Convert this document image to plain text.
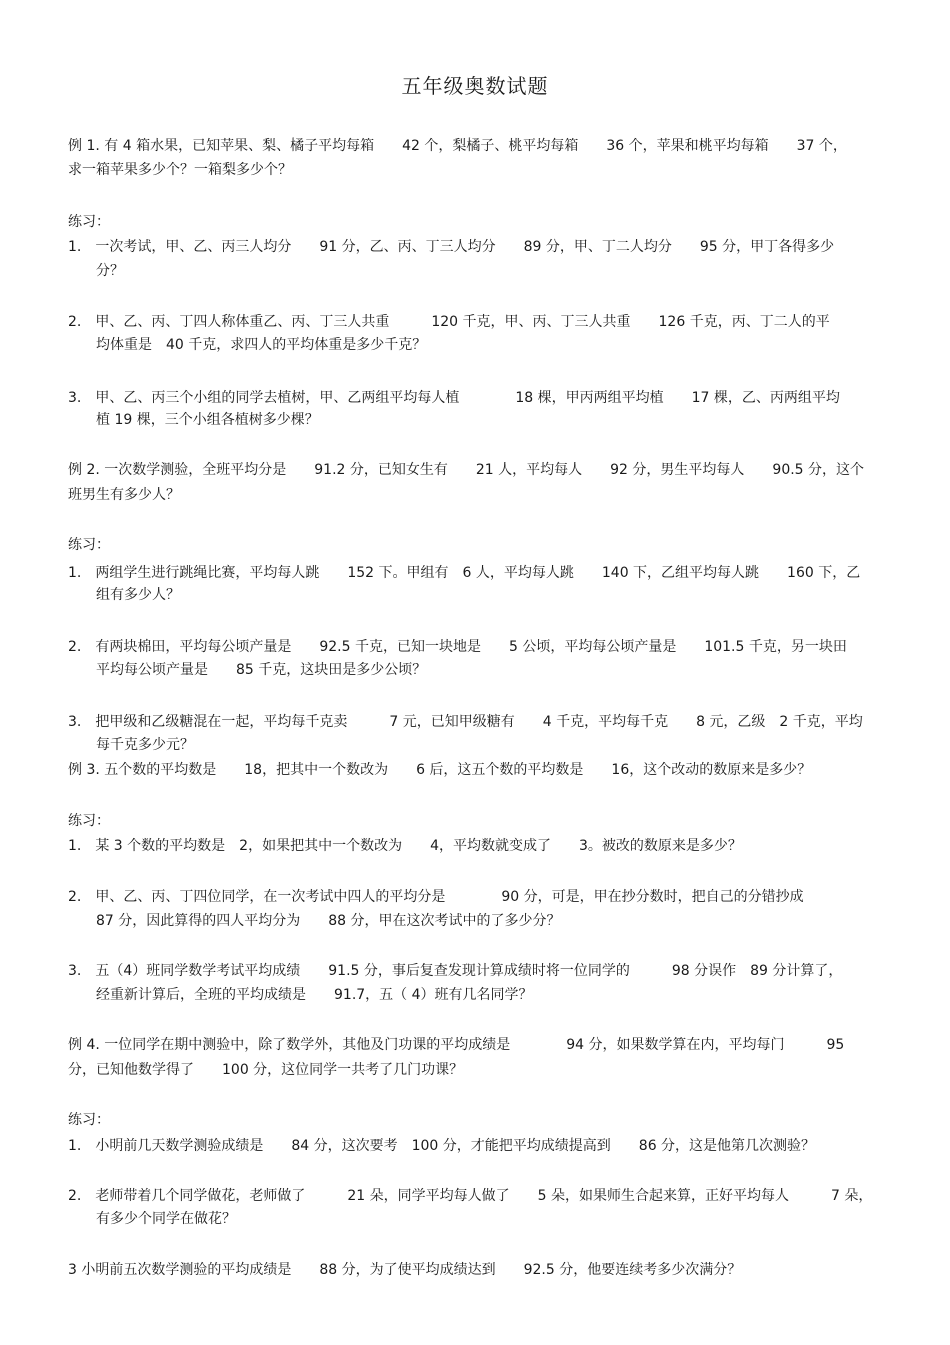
五年级奥数试题
例 1. 有 4 箱水果，已知苹果、梨、橘子平均每箱　　42 个，梨橘子、桃平均每箱　　36 个，苹果和桃平均每箱　　37 个，
求一箱苹果多少个？一箱梨多少个？
练习：
1.　一次考试，甲、乙、丙三人均分　　91 分，乙、丙、丁三人均分　　89 分，甲、丁二人均分　　95 分，甲丁各得多少
分？
2.　甲、乙、丙、丁四人称体重乙、丙、丁三人共重　　　120 千克，甲、丙、丁三人共重　　126 千克，丙、丁二人的平
均体重是　40 千克，求四人的平均体重是多少千克？
3.　甲、乙、丙三个小组的同学去植树，甲、乙两组平均每人植　　　　18 棵，甲丙两组平均植　　17 棵，乙、丙两组平均
植 19 棵，三个小组各植树多少棵？
例 2. 一次数学测验，全班平均分是　　91.2 分，已知女生有　　21 人，平均每人　　92 分，男生平均每人　　90.5 分，这个
班男生有多少人？
练习：
1.　两组学生进行跳绳比赛，平均每人跳　　152 下。甲组有　6 人，平均每人跳　　140 下，乙组平均每人跳　　160 下，乙
组有多少人？
2.　有两块棉田，平均每公顷产量是　　92.5 千克，已知一块地是　　5 公顷，平均每公顷产量是　　101.5 千克，另一块田
平均每公顷产量是　　85 千克，这块田是多少公顷？
3.　把甲级和乙级糖混在一起，平均每千克卖　　　7 元，已知甲级糖有　　4 千克，平均每千克　　8 元，乙级　2 千克，平均
每千克多少元？
例 3. 五个数的平均数是　　18，把其中一个数改为　　6 后，这五个数的平均数是　　16，这个改动的数原来是多少？
练习：
1.　某 3 个数的平均数是　2，如果把其中一个数改为　　4，平均数就变成了　　3。被改的数原来是多少？
2.　甲、乙、丙、丁四位同学，在一次考试中四人的平均分是　　　　90 分，可是，甲在抄分数时，把自己的分错抄成
87 分，因此算得的四人平均分为　　88 分，甲在这次考试中的了多少分？
3.　五（4）班同学数学考试平均成绩　　91.5 分，事后复查发现计算成绩时将一位同学的　　　98 分误作　89 分计算了，
经重新计算后，全班的平均成绩是　　91.7，五（ 4）班有几名同学？
例 4. 一位同学在期中测验中，除了数学外，其他及门功课的平均成绩是　　　　94 分，如果数学算在内，平均每门　　　95
分，已知他数学得了　　100 分，这位同学一共考了几门功课？
练习：
1.　小明前几天数学测验成绩是　　84 分，这次要考　100 分，才能把平均成绩提高到　　86 分，这是他第几次测验？
2.　老师带着几个同学做花，老师做了　　　21 朵，同学平均每人做了　　5 朵，如果师生合起来算，正好平均每人　　　7 朵，
有多少个同学在做花？
3 小明前五次数学测验的平均成绩是　　88 分，为了使平均成绩达到　　92.5 分，他要连续考多少次满分？
